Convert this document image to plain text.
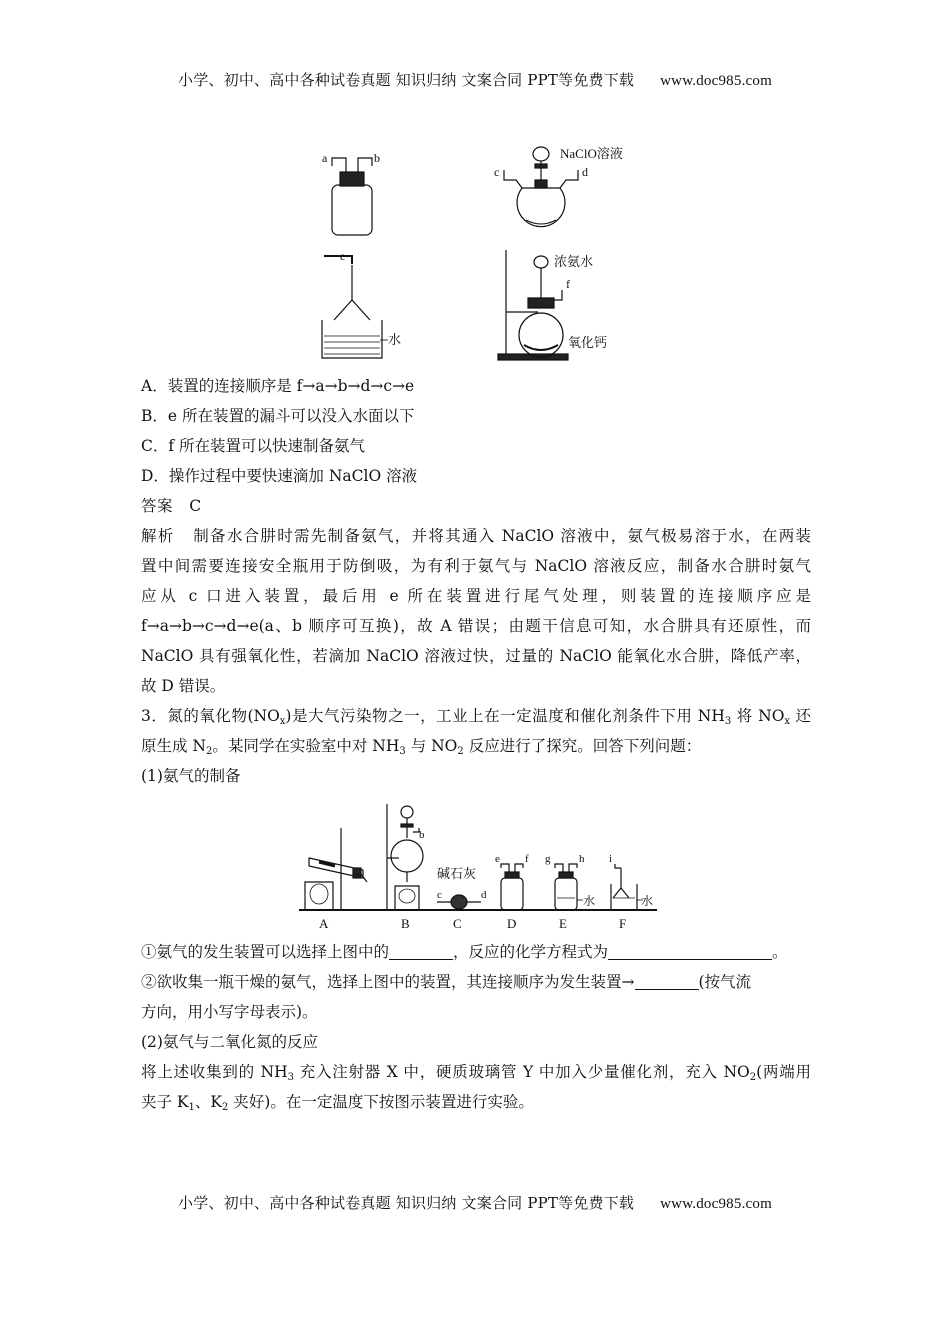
小学、初中、高中各种试卷真题 知识归纳 文案合同 PPT等免费下载 www.doc985.com
a	b	NaClO溶液
c	d
e
水
浓氨水
f
氧化钙
A．装置的连接顺序是 f→a→b→d→c→e
B．e 所在装置的漏斗可以没入水面以下
C．f 所在装置可以快速制备氨气
D．操作过程中要快速滴加 NaClO 溶液
答案 C
解析 制备水合肼时需先制备氨气，并将其通入 NaClO 溶液中，氨气极易溶于水，在两装
置中间需要连接安全瓶用于防倒吸，为有利于氨气与 NaClO 溶液反应，制备水合肼时氨气
应从 c 口进入装置，最后用 e 所在装置进行尾气处理，则装置的连接顺序应是
f→a→b→c→d→e(a、b 顺序可互换)，故 A 错误；由题干信息可知，水合肼具有还原性，而
NaClO 具有强氧化性，若滴加 NaClO 溶液过快，过量的 NaClO 能氧化水合肼，降低产率，
故 D 错误。
3．氮的氧化物$(NO_x)$是大气污染物之一，工业上在一定温度和催化剂条件下用 $NH_3$ 将 $NO_x$ 还
原生成 $N_2$。某同学在实验室中对 $NH_3$ 与 $NO_2$ 反应进行了探究。回答下列问题：
(1)氨气的制备
a
A
b
B
碱石灰
c	d
C
e f
D
g	h
水
E
i
水
F
①氨气的发生装置可以选择上图中的	，反应的化学方程式为	。
②欲收集一瓶干燥的氨气，选择上图中的装置，其连接顺序为发生装置→	(按气流
方向，用小写字母表示)。
(2)氨气与二氧化氮的反应
将上述收集到的 $NH_3$ 充入注射器 X 中，硬质玻璃管 Y 中加入少量催化剂，充入 $NO_2$(两端用
夹子 $K_1$、$K_2$ 夹好)。在一定温度下按图示装置进行实验。
小学、初中、高中各种试卷真题 知识归纳 文案合同 PPT等免费下载 www.doc985.com
